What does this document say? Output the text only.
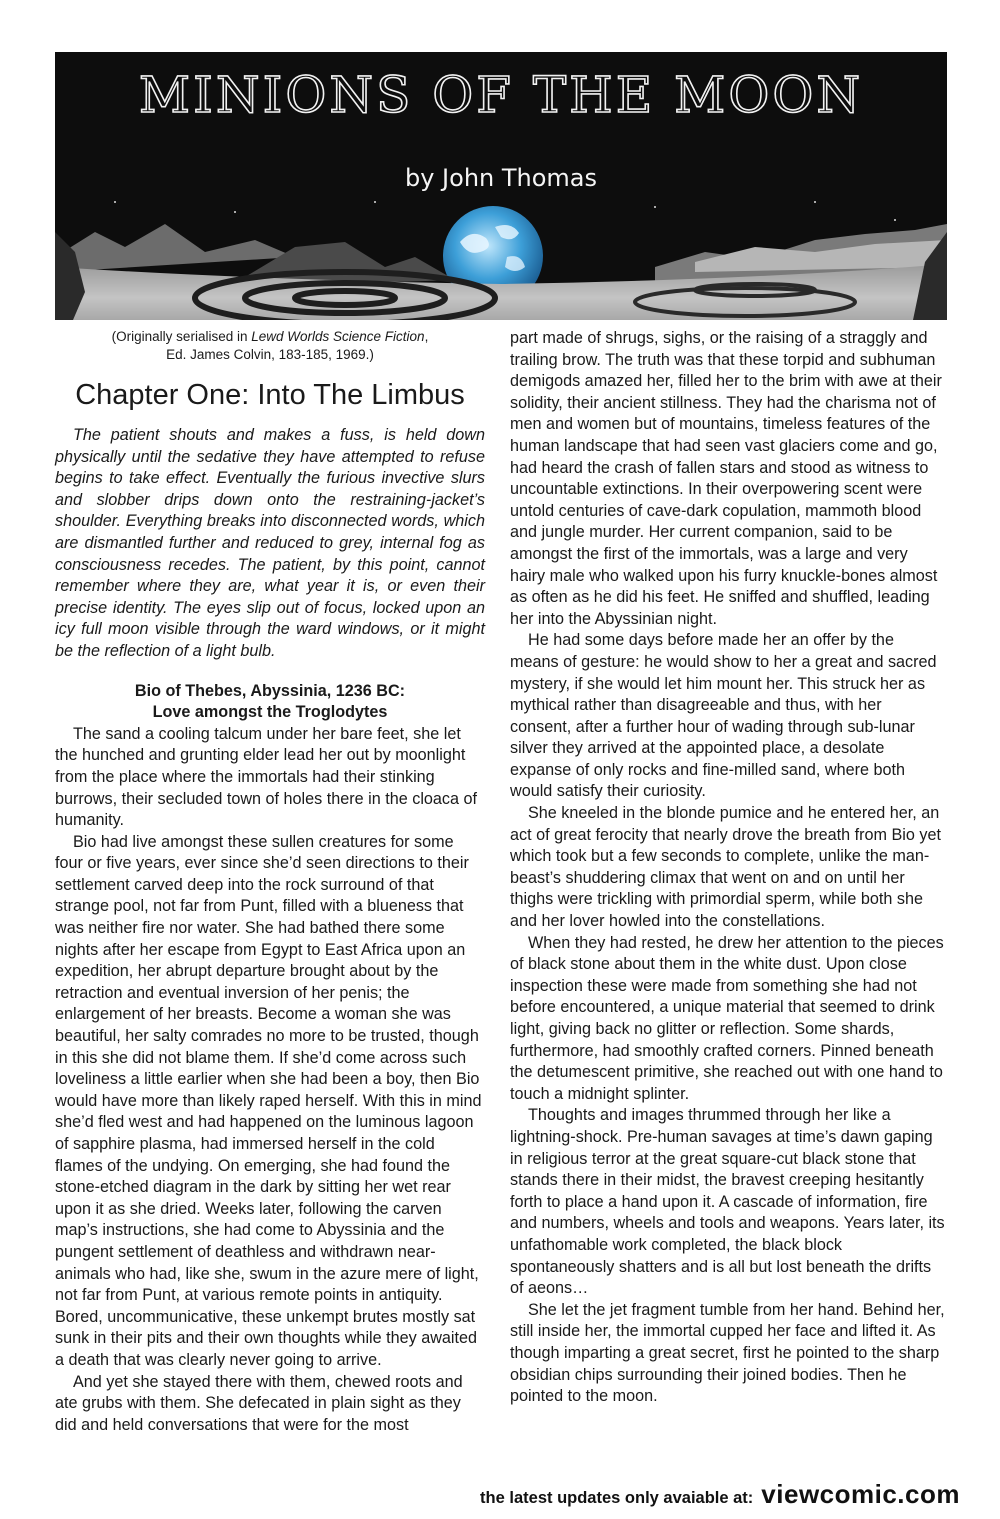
MINIONS OF THE MOON
by John Thomas

(Originally serialised in Lewd Worlds Science Fiction,
Ed. James Colvin, 183-185, 1969.)

Chapter One: Into The Limbus

The patient shouts and makes a fuss, is held down physically until the sedative they have attempted to refuse begins to take effect. Eventually the furious invective slurs and slobber drips down onto the restraining-jacket’s shoulder. Everything breaks into disconnected words, which are dismantled further and reduced to grey, internal fog as consciousness recedes. The patient, by this point, cannot remember where they are, what year it is, or even their precise identity. The eyes slip out of focus, locked upon an icy full moon visible through the ward windows, or it might be the reflection of a light bulb.

Bio of Thebes, Abyssinia, 1236 BC:
Love amongst the Troglodytes

The sand a cooling talcum under her bare feet, she let the hunched and grunting elder lead her out by moonlight from the place where the immortals had their stinking burrows, their secluded town of holes there in the cloaca of humanity.

Bio had live amongst these sullen creatures for some four or five years, ever since she’d seen directions to their settlement carved deep into the rock surround of that strange pool, not far from Punt, filled with a blueness that was neither fire nor water. She had bathed there some nights after her escape from Egypt to East Africa upon an expedition, her abrupt departure brought about by the retraction and eventual inversion of her penis; the enlargement of her breasts. Become a woman she was beautiful, her salty comrades no more to be trusted, though in this she did not blame them. If she’d come across such loveliness a little earlier when she had been a boy, then Bio would have more than likely raped herself. With this in mind she’d fled west and had happened on the luminous lagoon of sapphire plasma, had immersed herself in the cold flames of the undying. On emerging, she had found the stone-etched diagram in the dark by sitting her wet rear upon it as she dried. Weeks later, following the carven map’s instructions, she had come to Abyssinia and the pungent settlement of deathless and withdrawn near-animals who had, like she, swum in the azure mere of light, not far from Punt, at various remote points in antiquity. Bored, uncommunicative, these unkempt brutes mostly sat sunk in their pits and their own thoughts while they awaited a death that was clearly never going to arrive.

And yet she stayed there with them, chewed roots and ate grubs with them. She defecated in plain sight as they did and held conversations that were for the most

part made of shrugs, sighs, or the raising of a straggly and trailing brow. The truth was that these torpid and subhuman demigods amazed her, filled her to the brim with awe at their solidity, their ancient stillness. They had the charisma not of men and women but of mountains, timeless features of the human landscape that had seen vast glaciers come and go, had heard the crash of fallen stars and stood as witness to uncountable extinctions. In their overpowering scent were untold centuries of cave-dark copulation, mammoth blood and jungle murder. Her current companion, said to be amongst the first of the immortals, was a large and very hairy male who walked upon his furry knuckle-bones almost as often as he did his feet. He sniffed and shuffled, leading her into the Abyssinian night.

He had some days before made her an offer by the means of gesture: he would show to her a great and sacred mystery, if she would let him mount her. This struck her as mythical rather than disagreeable and thus, with her consent, after a further hour of wading through sub-lunar silver they arrived at the appointed place, a desolate expanse of only rocks and fine-milled sand, where both would satisfy their curiosity.

She kneeled in the blonde pumice and he entered her, an act of great ferocity that nearly drove the breath from Bio yet which took but a few seconds to complete, unlike the man-beast’s shuddering climax that went on and on until her thighs were trickling with primordial sperm, while both she and her lover howled into the constellations.

When they had rested, he drew her attention to the pieces of black stone about them in the white dust. Upon close inspection these were made from something she had not before encountered, a unique material that seemed to drink light, giving back no glitter or reflection. Some shards, furthermore, had smoothly crafted corners. Pinned beneath the detumescent primitive, she reached out with one hand to touch a midnight splinter.

Thoughts and images thrummed through her like a lightning-shock. Pre-human savages at time’s dawn gaping in religious terror at the great square-cut black stone that stands there in their midst, the bravest creeping hesitantly forth to place a hand upon it. A cascade of information, fire and numbers, wheels and tools and weapons. Years later, its unfathomable work completed, the black block spontaneously shatters and is all but lost beneath the drifts of aeons…

She let the jet fragment tumble from her hand. Behind her, still inside her, the immortal cupped her face and lifted it. As though imparting a great secret, first he pointed to the sharp obsidian chips surrounding their joined bodies. Then he pointed to the moon.

the latest updates only avaiable at: viewcomic.com
